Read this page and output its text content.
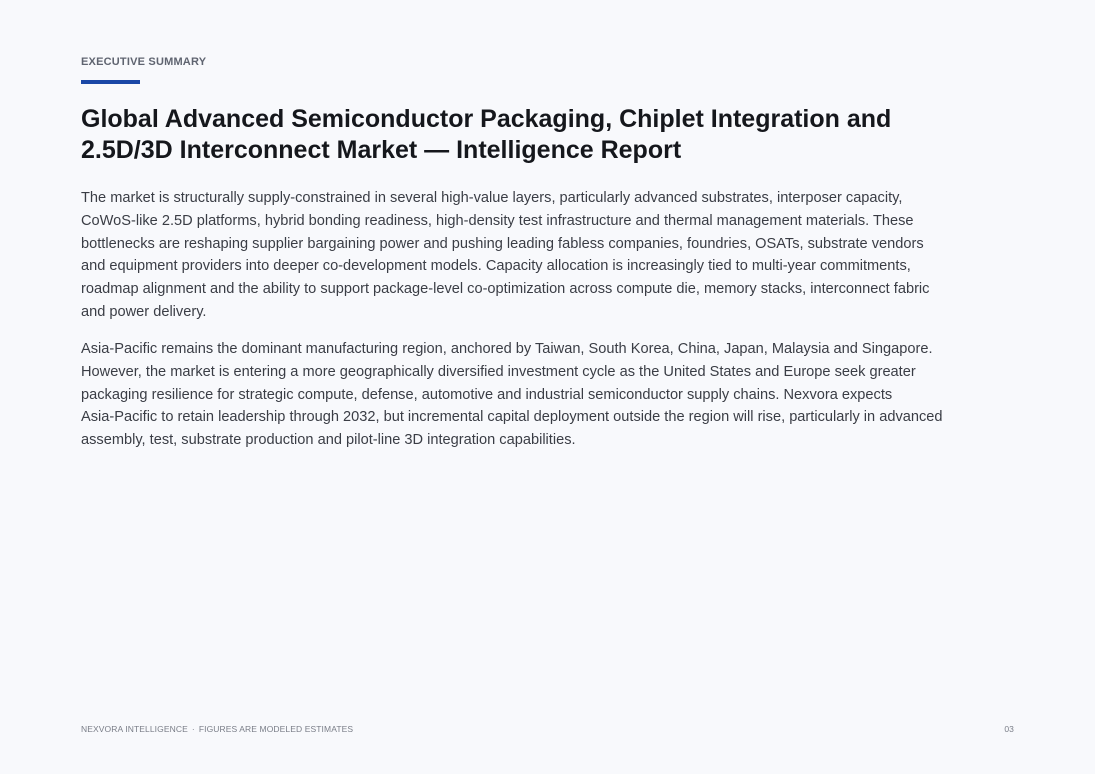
EXECUTIVE SUMMARY
Global Advanced Semiconductor Packaging, Chiplet Integration and
2.5D/3D Interconnect Market — Intelligence Report
The market is structurally supply-constrained in several high-value layers, particularly advanced substrates, interposer capacity,
CoWoS-like 2.5D platforms, hybrid bonding readiness, high-density test infrastructure and thermal management materials. These
bottlenecks are reshaping supplier bargaining power and pushing leading fabless companies, foundries, OSATs, substrate vendors
and equipment providers into deeper co-development models. Capacity allocation is increasingly tied to multi-year commitments,
roadmap alignment and the ability to support package-level co-optimization across compute die, memory stacks, interconnect fabric
and power delivery.
Asia-Pacific remains the dominant manufacturing region, anchored by Taiwan, South Korea, China, Japan, Malaysia and Singapore.
However, the market is entering a more geographically diversified investment cycle as the United States and Europe seek greater
packaging resilience for strategic compute, defense, automotive and industrial semiconductor supply chains. Nexvora expects
Asia-Pacific to retain leadership through 2032, but incremental capital deployment outside the region will rise, particularly in advanced
assembly, test, substrate production and pilot-line 3D integration capabilities.
NEXVORA INTELLIGENCE · FIGURES ARE MODELED ESTIMATES	03
